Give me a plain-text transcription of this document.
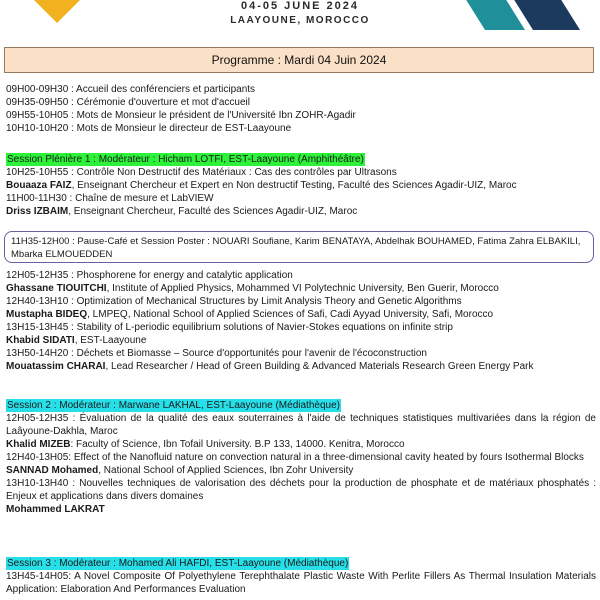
04-05 JUNE 2024
LAAYOUNE, MOROCCO
Programme : Mardi 04 Juin 2024
09H00-09H30 : Accueil des conférenciers et participants
09H35-09H50 : Cérémonie d'ouverture et mot d'accueil
09H55-10H05 : Mots de Monsieur le président de l'Université Ibn ZOHR-Agadir
10H10-10H20 : Mots de Monsieur le directeur de EST-Laayoune
Session Plénière 1 : Modérateur : Hicham LOTFI, EST-Laayoune (Amphithéâtre)
10H25-10H55 : Contrôle Non Destructif des Matériaux : Cas des contrôles par Ultrasons
Bouaaza FAIZ, Enseignant Chercheur et Expert en Non destructif Testing, Faculté des Sciences Agadir-UIZ, Maroc
11H00-11H30 : Chaîne de mesure et LabVIEW
Driss IZBAIM, Enseignant Chercheur, Faculté des Sciences Agadir-UIZ, Maroc
11H35-12H00 : Pause-Café et Session Poster : NOUARI Soufiane, Karim BENATAYA, Abdelhak BOUHAMED, Fatima Zahra ELBAKILI, Mbarka ELMOUEDDEN
12H05-12H35 : Phosphorene for energy and catalytic application
Ghassane TIOUITCHI, Institute of Applied Physics, Mohammed VI Polytechnic University, Ben Guerir, Morocco
12H40-13H10 : Optimization of Mechanical Structures by Limit Analysis Theory and Genetic Algorithms
Mustapha BIDEQ, LMPEQ, National School of Applied Sciences of Safi, Cadi Ayyad University, Safi, Morocco
13H15-13H45 : Stability of L-periodic equilibrium solutions of Navier-Stokes equations on infinite strip
Khabid SIDATI, EST-Laayoune
13H50-14H20 : Déchets et Biomasse – Source d'opportunités pour l'avenir de l'écoconstruction
Mouatassim CHARAI, Lead Researcher / Head of Green Building & Advanced Materials Research Green Energy Park
Session 2 : Modérateur : Marwane LAKHAL, EST-Laayoune (Médiathèque)
12H05-12H35 : Évaluation de la qualité des eaux souterraines à l'aide de techniques statistiques multivariées dans la région de Laâyoune-Dakhla, Maroc
Khalid MIZEB: Faculty of Science, Ibn Tofail University. B.P 133, 14000. Kenitra, Morocco
12H40-13H05: Effect of the Nanofluid nature on convection natural in a three-dimensional cavity heated by fours Isothermal Blocks
SANNAD Mohamed, National School of Applied Sciences, Ibn Zohr University
13H10-13H40 : Nouvelles techniques de valorisation des déchets pour la production de phosphate et de matériaux phosphatés : Enjeux et applications dans divers domaines
Mohammed LAKRAT
Session 3 : Modérateur : Mohamed Ali HAFDI, EST-Laayoune (Médiathèque)
13H45-14H05: A Novel Composite Of Polyethylene Terephthalate Plastic Waste With Perlite Fillers As Thermal Insulation Materials Application: Elaboration And Performances Evaluation
